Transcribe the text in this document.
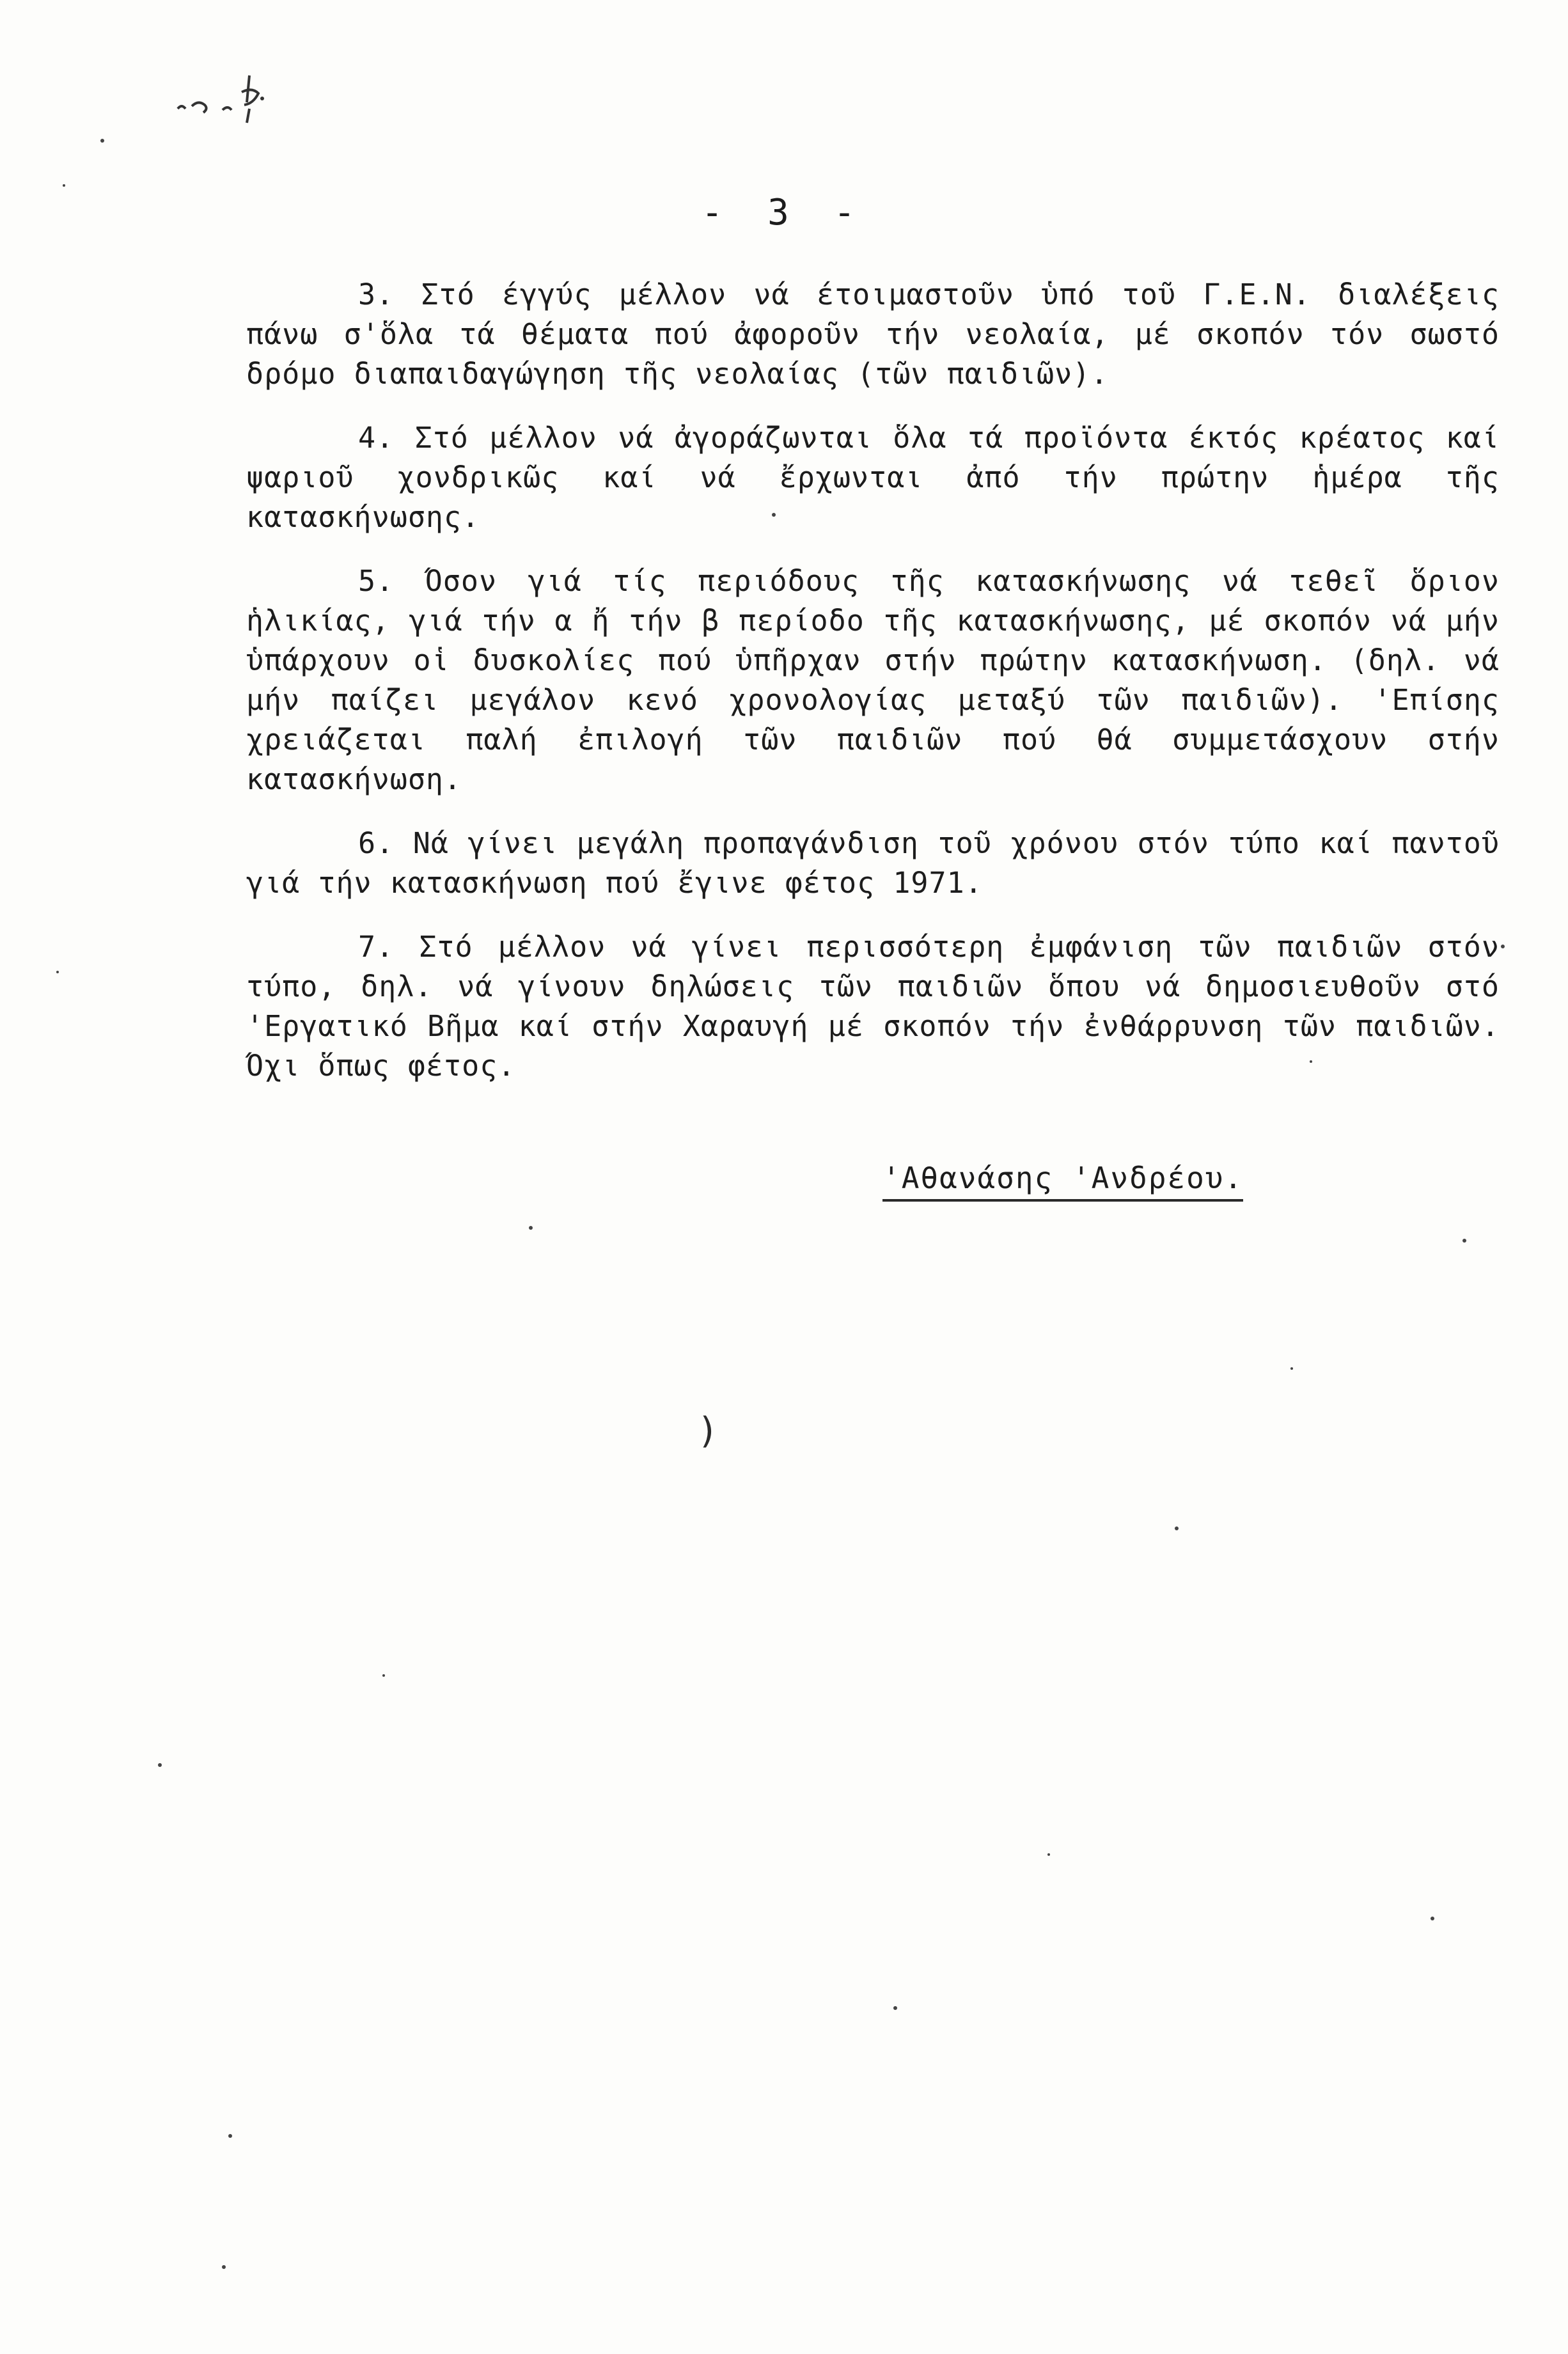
- 3 -

3. Στό έγγύς μέλλον νά έτοιμαστοῦν ὑπό τοῦ Γ.Ε.Ν. διαλέξεις πάνω σ'ὅλα τά θέματα πού ἀφοροῦν τήν νεολαία, μέ σκοπόν τόν σωστό δρόμο διαπαιδαγώγηση τῆς νεολαίας (τῶν παιδιῶν).

4. Στό μέλλον νά ἀγοράζωνται ὅλα τά προϊόντα έκτός κρέατος καί ψαριοῦ χονδρικῶς καί νά ἔρχωνται ἀπό τήν πρώτην ἡμέρα τῆς κατασκήνωσης.

5. Όσον γιά τίς περιόδους τῆς κατασκήνωσης νά τεθεῖ ὅριον ἡλικίας, γιά τήν α ἤ τήν β περίοδο τῆς κατασκήνωσης, μέ σκοπόν νά μήν ὑπάρχουν οἱ δυσκολίες πού ὑπῆρχαν στήν πρώτην κατασκήνωση. (δηλ. νά μήν παίζει μεγάλον κενό χρονολογίας μεταξύ τῶν παιδιῶν). 'Επίσης χρειάζεται παλή ἐπιλογή τῶν παιδιῶν πού θά συμμετάσχουν στήν κατασκήνωση.

6. Νά γίνει μεγάλη προπαγάνδιση τοῦ χρόνου στόν τύπο καί παντοῦ γιά τήν κατασκήνωση πού ἔγινε φέτος 1971.

7. Στό μέλλον νά γίνει περισσότερη ἐμφάνιση τῶν παιδιῶν στόν τύπο, δηλ. νά γίνουν δηλώσεις τῶν παιδιῶν ὅπου νά δημοσιευθοῦν στό 'Εργατικό Βῆμα καί στήν Χαραυγή μέ σκοπόν τήν ἐνθάρρυνση τῶν παιδιῶν. Όχι ὅπως φέτος.

'Αθανάσης 'Ανδρέου.
)
